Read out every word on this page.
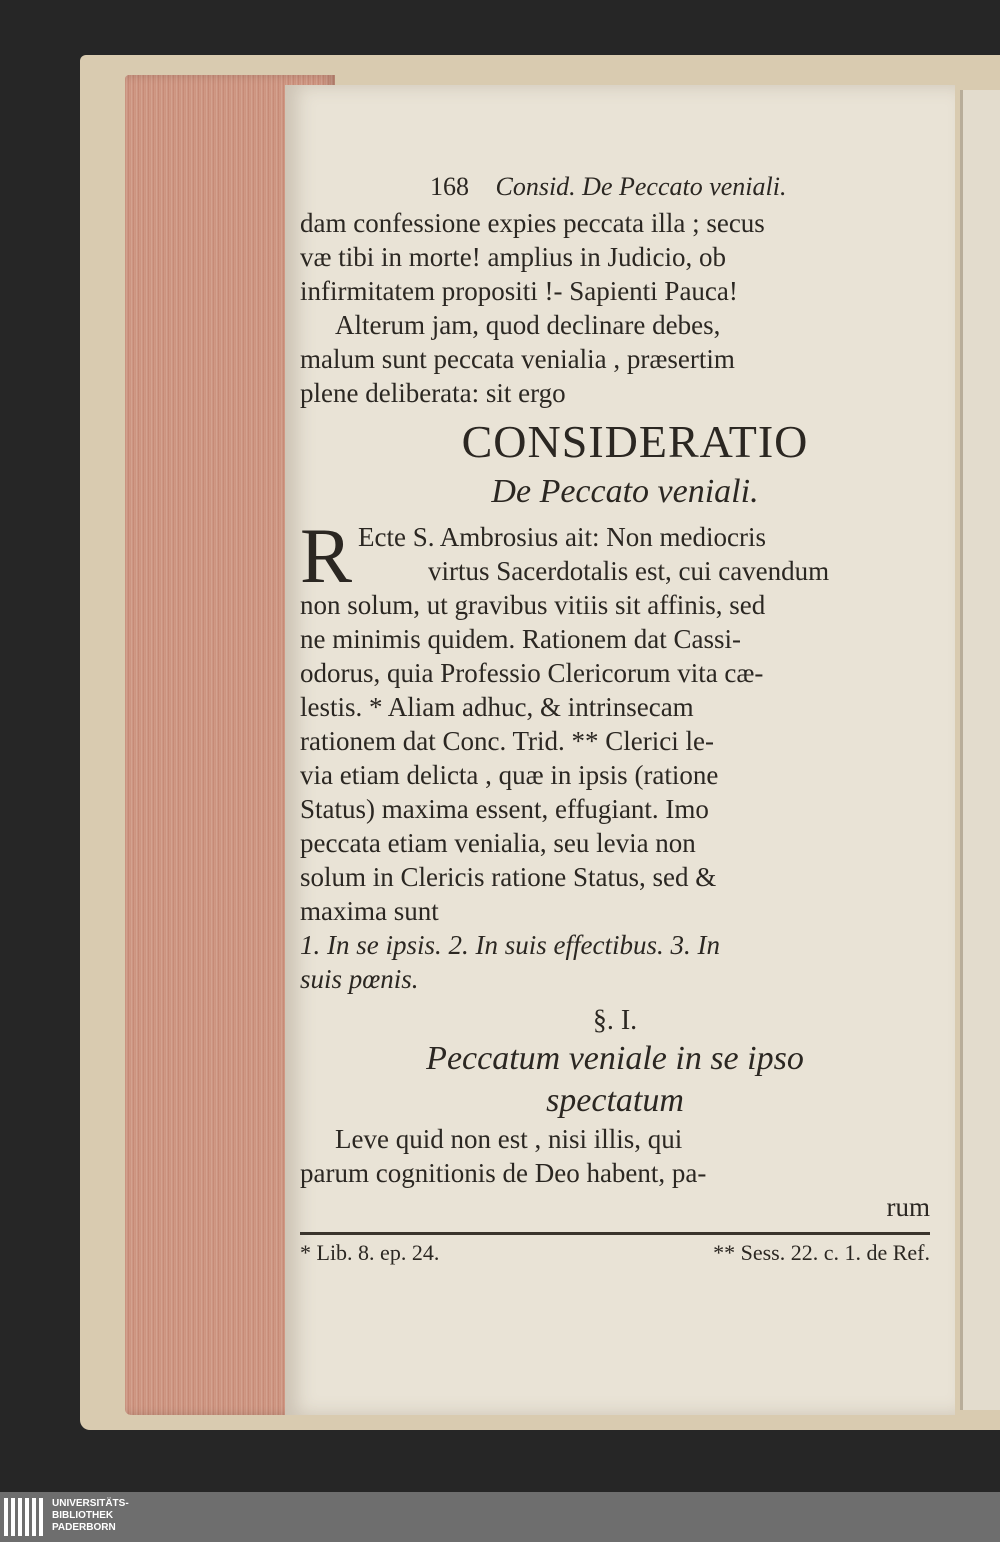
168 Consid. De Peccato veniali.
dam confessione expies peccata illa ; secus
væ tibi in morte! amplius in Judicio, ob
infirmitatem propositi !- Sapienti Pauca!
Alterum jam, quod declinare debes,
malum sunt peccata venialia , præsertim
plene deliberata: sit ergo
CONSIDERATIO
De Peccato veniali.
R Ecte S. Ambrosius ait: Non mediocris
virtus Sacerdotalis est, cui cavendum
non solum, ut gravibus vitiis sit affinis, sed
ne minimis quidem. Rationem dat Cassi-
odorus, quia Professio Clericorum vita cæ-
lestis. * Aliam adhuc, & intrinsecam
rationem dat Conc. Trid. ** Clerici le-
via etiam delicta , quæ in ipsis (ratione
Status) maxima essent, effugiant. Imo
peccata etiam venialia, seu levia non
solum in Clericis ratione Status, sed &
maxima sunt
1. In se ipsis. 2. In suis effectibus. 3. In
suis pœnis.
§. I.
Peccatum veniale in se ipso
spectatum
Leve quid non est , nisi illis, qui
parum cognitionis de Deo habent, pa-
rum
* Lib. 8. ep. 24.	** Sess. 22. c. 1. de Ref.
UNIVERSITÄTS-
BIBLIOTHEK
PADERBORN
